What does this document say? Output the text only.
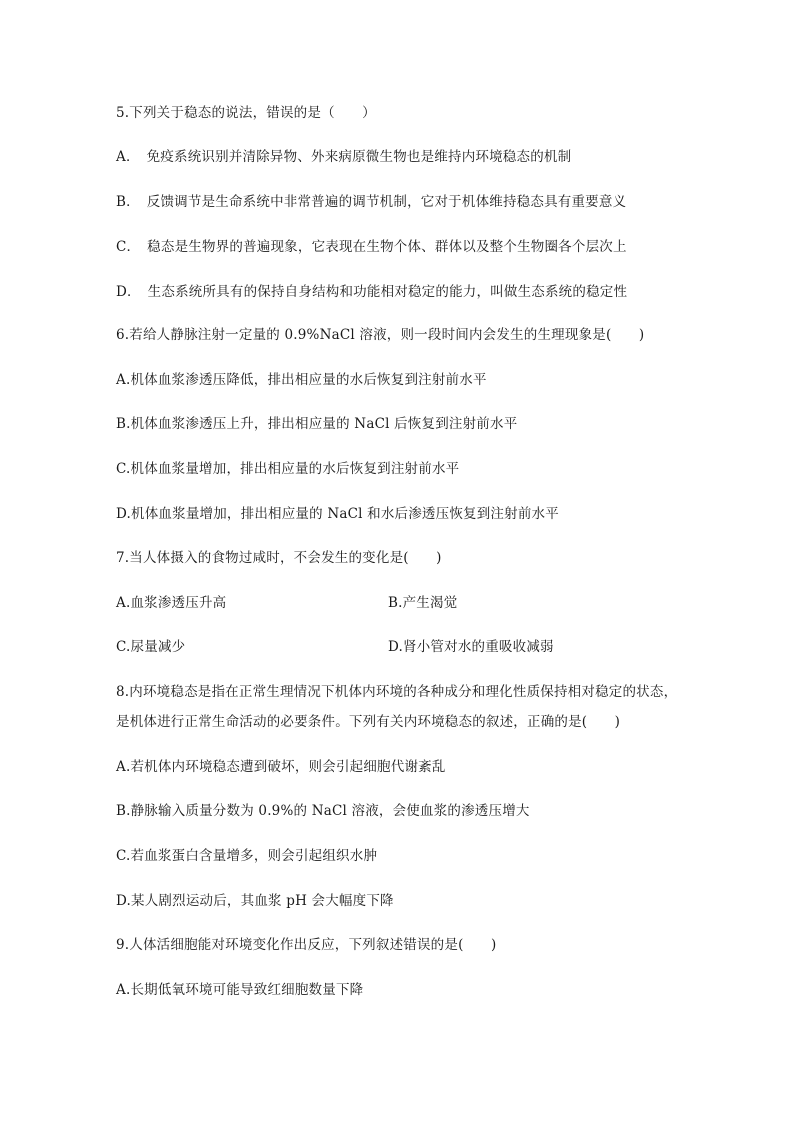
5.下列关于稳态的说法，错误的是（　　）
A．　免疫系统识别并清除异物、外来病原微生物也是维持内环境稳态的机制
B．　反馈调节是生命系统中非常普遍的调节机制，它对于机体维持稳态具有重要意义
C．　稳态是生物界的普遍现象，它表现在生物个体、群体以及整个生物圈各个层次上
D．　生态系统所具有的保持自身结构和功能相对稳定的能力，叫做生态系统的稳定性
6.若给人静脉注射一定量的 0.9%NaCl 溶液，则一段时间内会发生的生理现象是(　　)
A.机体血浆渗透压降低，排出相应量的水后恢复到注射前水平
B.机体血浆渗透压上升，排出相应量的 NaCl 后恢复到注射前水平
C.机体血浆量增加，排出相应量的水后恢复到注射前水平
D.机体血浆量增加，排出相应量的 NaCl 和水后渗透压恢复到注射前水平
7.当人体摄入的食物过咸时，不会发生的变化是(　　)
A.血浆渗透压升高	B.产生渴觉
C.尿量减少	D.肾小管对水的重吸收减弱
8.内环境稳态是指在正常生理情况下机体内环境的各种成分和理化性质保持相对稳定的状态，
是机体进行正常生命活动的必要条件。下列有关内环境稳态的叙述，正确的是(　　)
A.若机体内环境稳态遭到破坏，则会引起细胞代谢紊乱
B.静脉输入质量分数为 0.9%的 NaCl 溶液，会使血浆的渗透压增大
C.若血浆蛋白含量增多，则会引起组织水肿
D.某人剧烈运动后，其血浆 pH 会大幅度下降
9.人体活细胞能对环境变化作出反应，下列叙述错误的是(　　)
A.长期低氧环境可能导致红细胞数量下降
